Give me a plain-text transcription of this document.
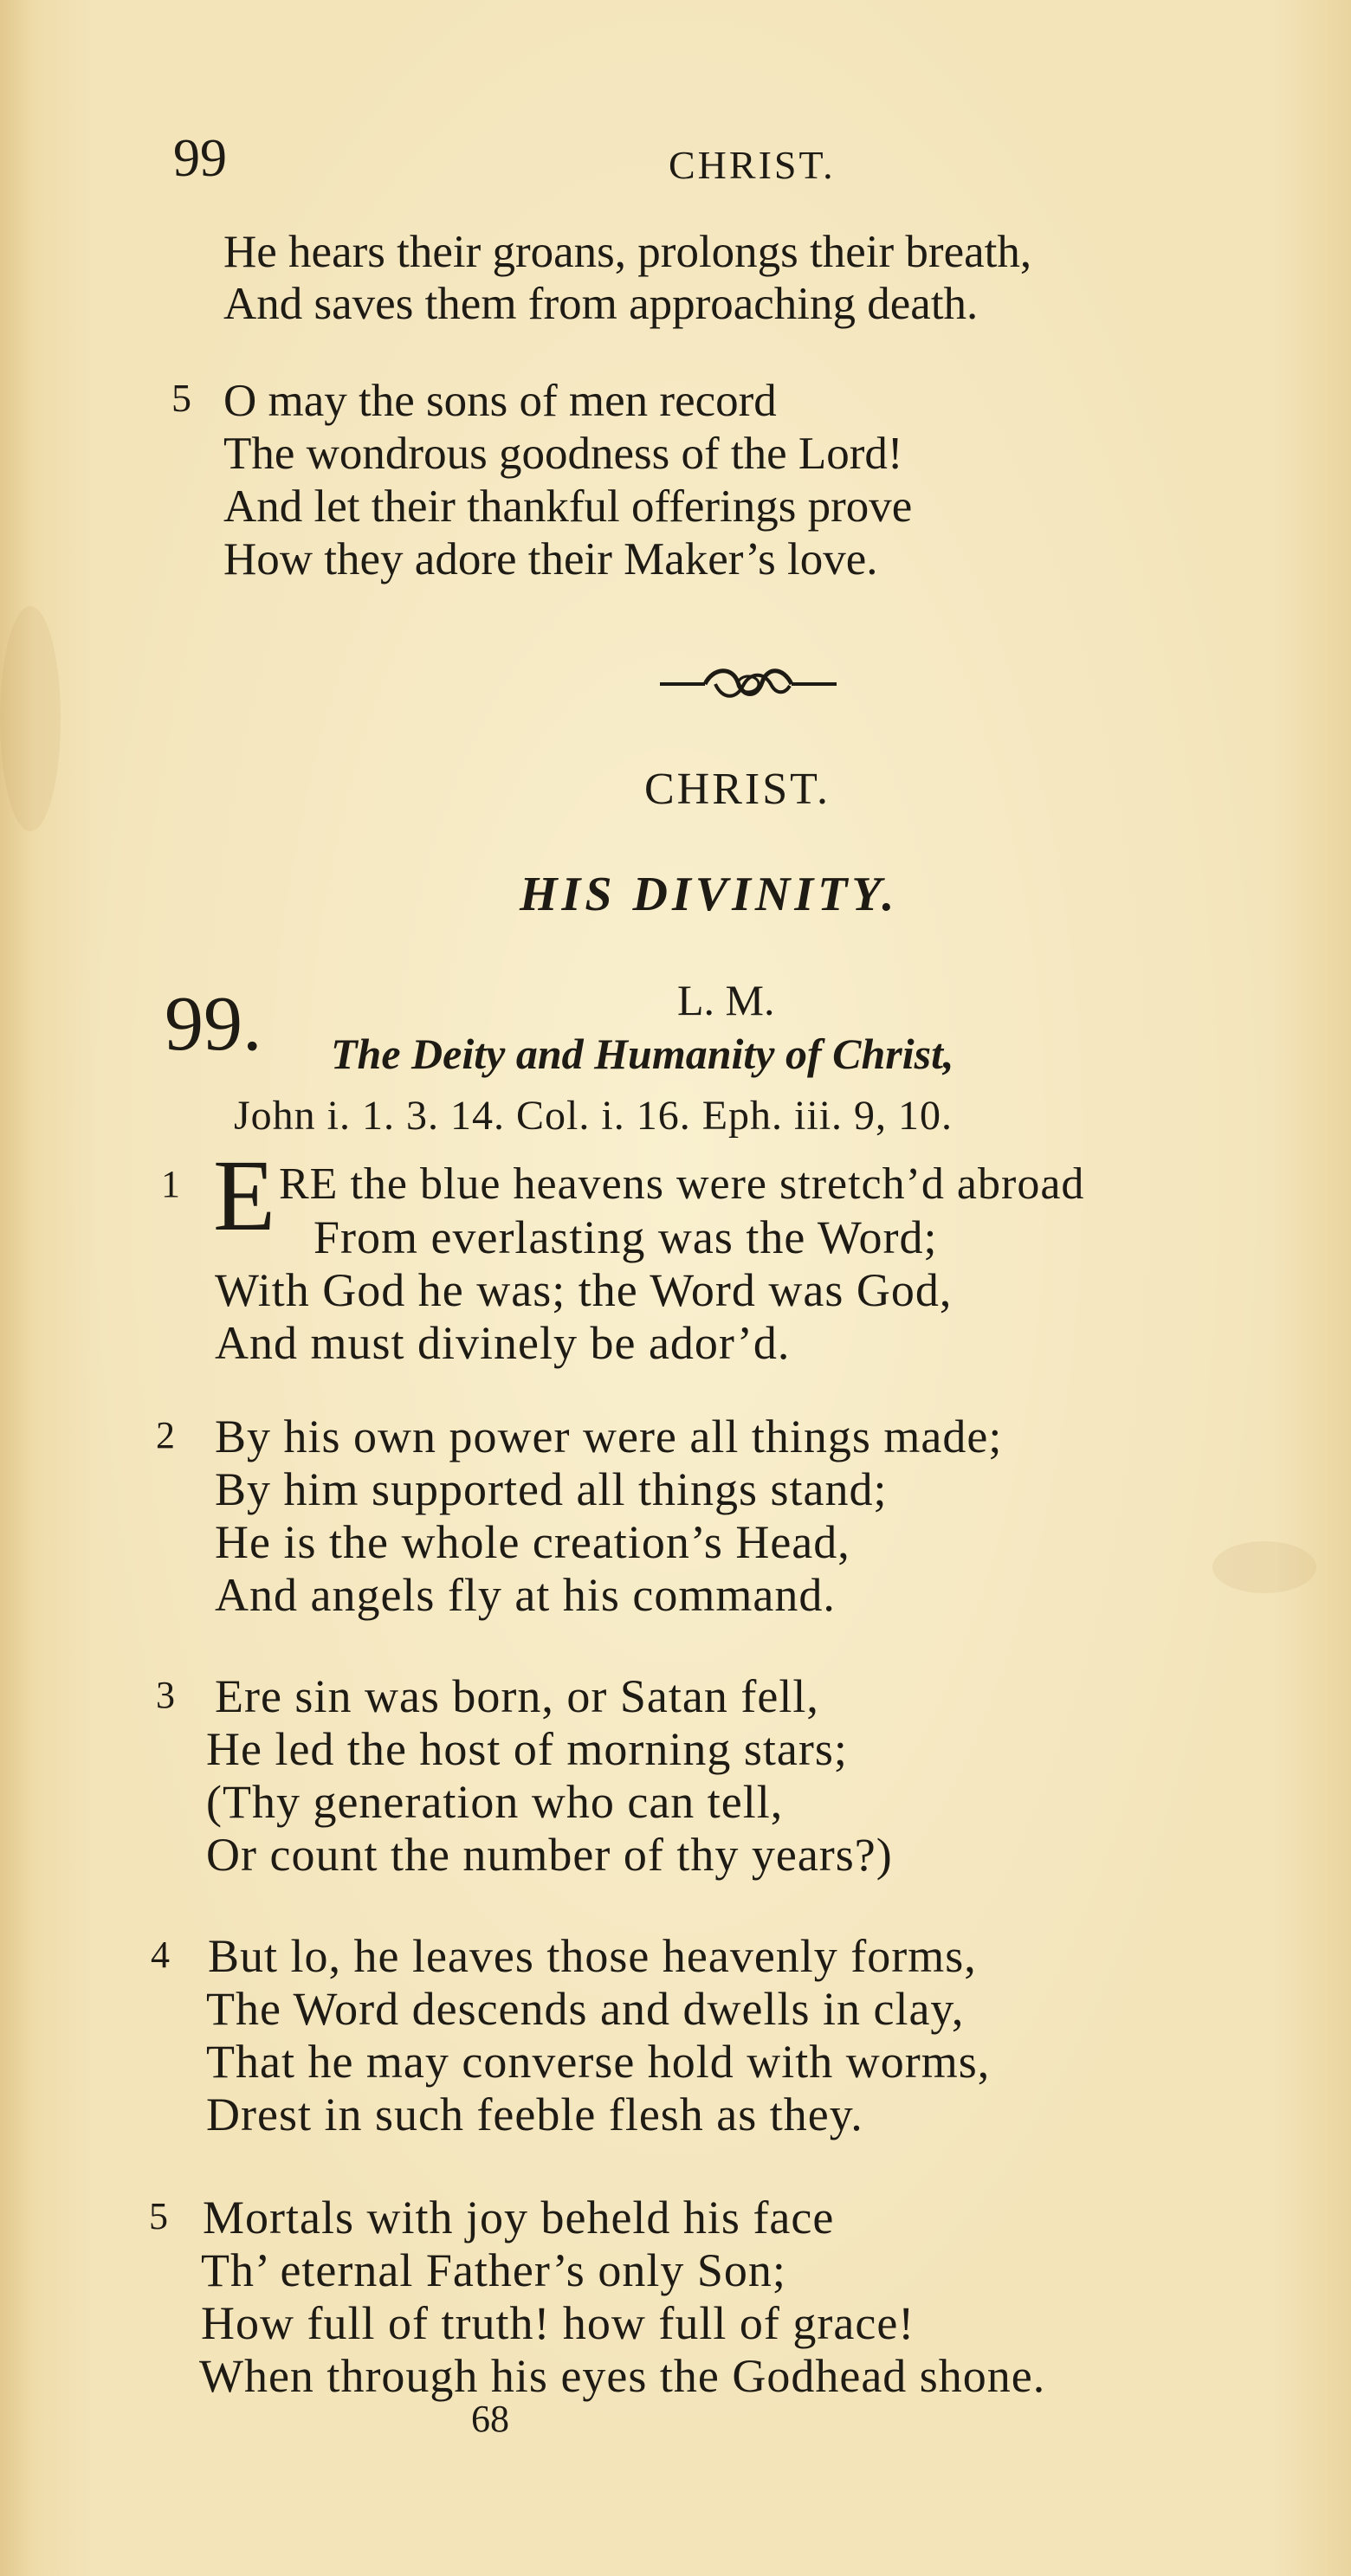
99	CHRIST.
He hears their groans, prolongs their breath,
And saves them from approaching death.
5 O may the sons of men record
The wondrous goodness of the Lord!
And let their thankful offerings prove
How they adore their Maker’s love.
CHRIST.
HIS DIVINITY.
99.	L. M.
The Deity and Humanity of Christ,
John i. 1. 3. 14. Col. i. 16. Eph. iii. 9, 10.
1 E RE the blue heavens were stretch’d abroad
From everlasting was the Word;
With God he was; the Word was God,
And must divinely be ador’d.
2 By his own power were all things made;
By him supported all things stand;
He is the whole creation’s Head,
And angels fly at his command.
3 Ere sin was born, or Satan fell,
He led the host of morning stars;
(Thy generation who can tell,
Or count the number of thy years?)
4 But lo, he leaves those heavenly forms,
The Word descends and dwells in clay,
That he may converse hold with worms,
Drest in such feeble flesh as they.
5 Mortals with joy beheld his face
Th’ eternal Father’s only Son;
How full of truth! how full of grace!
When through his eyes the Godhead shone.
68
